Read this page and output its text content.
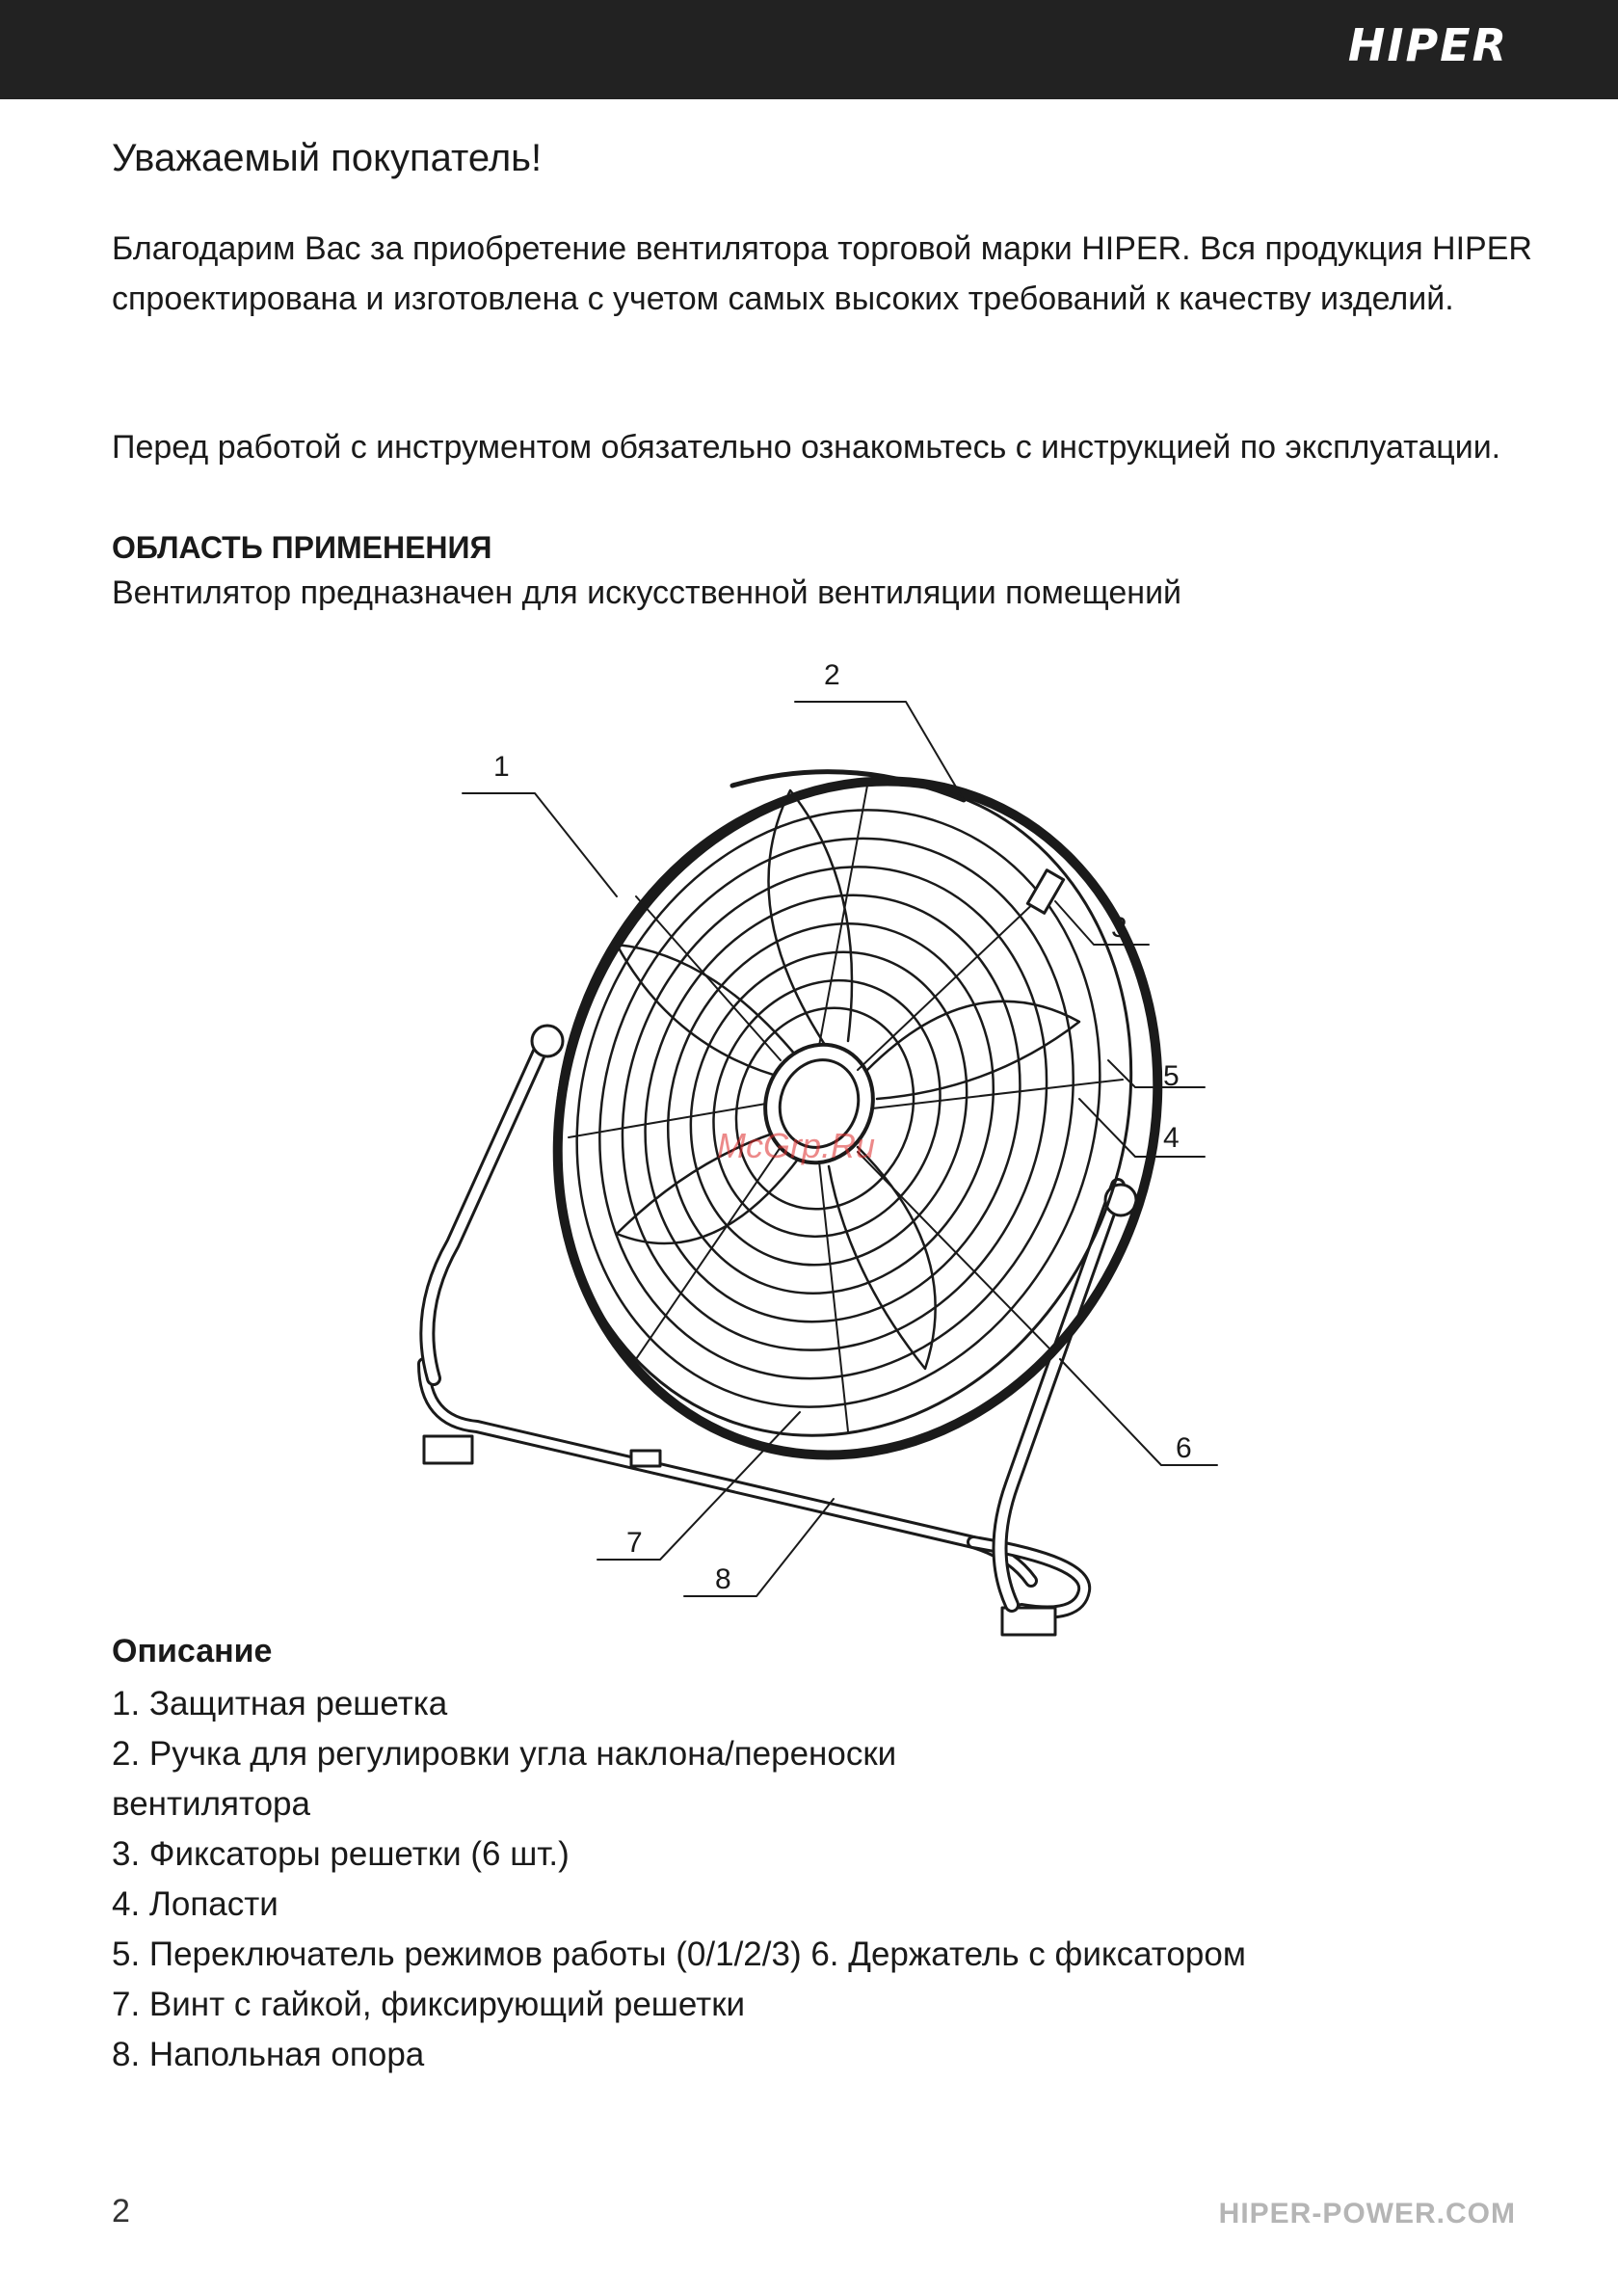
HIPER
Уважаемый покупатель!
Благодарим Вас за приобретение вентилятора торговой марки HIPER. Вся продукция HIPER спроектирована и изготовлена с учетом самых высоких требований к качеству изделий.
Перед работой с инструментом обязательно ознакомьтесь с инструкцией по эксплуатации.
ОБЛАСТЬ ПРИМЕНЕНИЯ
Вентилятор предназначен для искусственной вентиляции помещений
1
2
3
4
5
6
7
8
McGrp.Ru
Описание
1. Защитная решетка
2. Ручка для регулировки угла наклона/переноски
вентилятора
3. Фиксаторы решетки (6 шт.)
4. Лопасти
5. Переключатель режимов работы (0/1/2/3) 6. Держатель с фиксатором
7. Винт с гайкой, фиксирующий решетки
8. Напольная опора
2	HIPER-POWER.COM
